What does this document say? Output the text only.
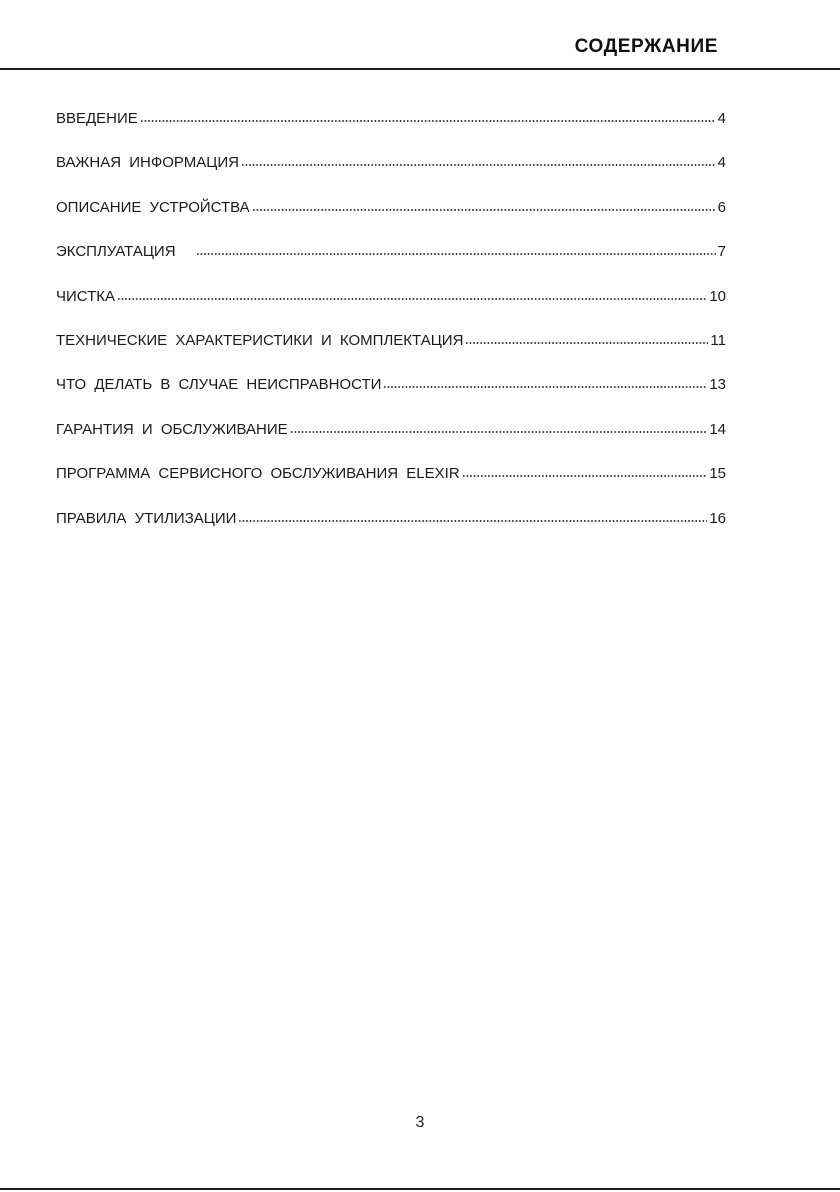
СОДЕРЖАНИЕ
ВВЕДЕНИЕ	4
ВАЖНАЯ ИНФОРМАЦИЯ	4
ОПИСАНИЕ УСТРОЙСТВА	6
ЭКСПЛУАТАЦИЯ	7
ЧИСТКА	10
ТЕХНИЧЕСКИЕ ХАРАКТЕРИСТИКИ И КОМПЛЕКТАЦИЯ	11
ЧТО ДЕЛАТЬ В СЛУЧАЕ НЕИСПРАВНОСТИ	13
ГАРАНТИЯ И ОБСЛУЖИВАНИЕ	14
ПРОГРАММА СЕРВИСНОГО ОБСЛУЖИВАНИЯ ELEXIR	15
ПРАВИЛА УТИЛИЗАЦИИ	16
3
